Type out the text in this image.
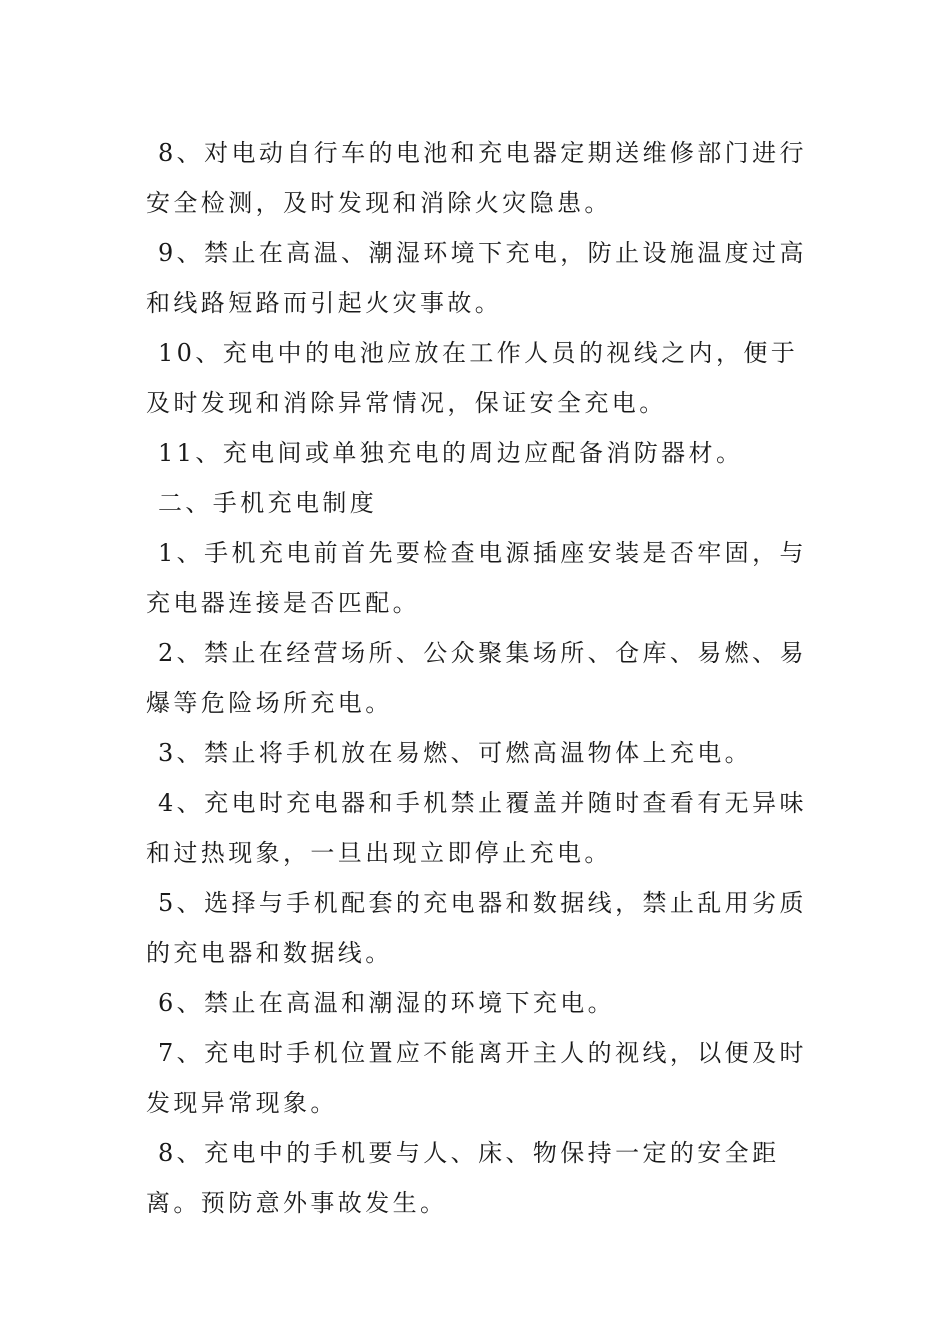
8、对电动自行车的电池和充电器定期送维修部门进行安全检测，及时发现和消除火灾隐患。

9、禁止在高温、潮湿环境下充电，防止设施温度过高和线路短路而引起火灾事故。

10、充电中的电池应放在工作人员的视线之内，便于及时发现和消除异常情况，保证安全充电。

11、充电间或单独充电的周边应配备消防器材。

二、手机充电制度

1、手机充电前首先要检查电源插座安装是否牢固，与充电器连接是否匹配。

2、禁止在经营场所、公众聚集场所、仓库、易燃、易爆等危险场所充电。

3、禁止将手机放在易燃、可燃高温物体上充电。

4、充电时充电器和手机禁止覆盖并随时查看有无异味和过热现象，一旦出现立即停止充电。

5、选择与手机配套的充电器和数据线，禁止乱用劣质的充电器和数据线。

6、禁止在高温和潮湿的环境下充电。

7、充电时手机位置应不能离开主人的视线，以便及时发现异常现象。

8、充电中的手机要与人、床、物保持一定的安全距离。预防意外事故发生。
